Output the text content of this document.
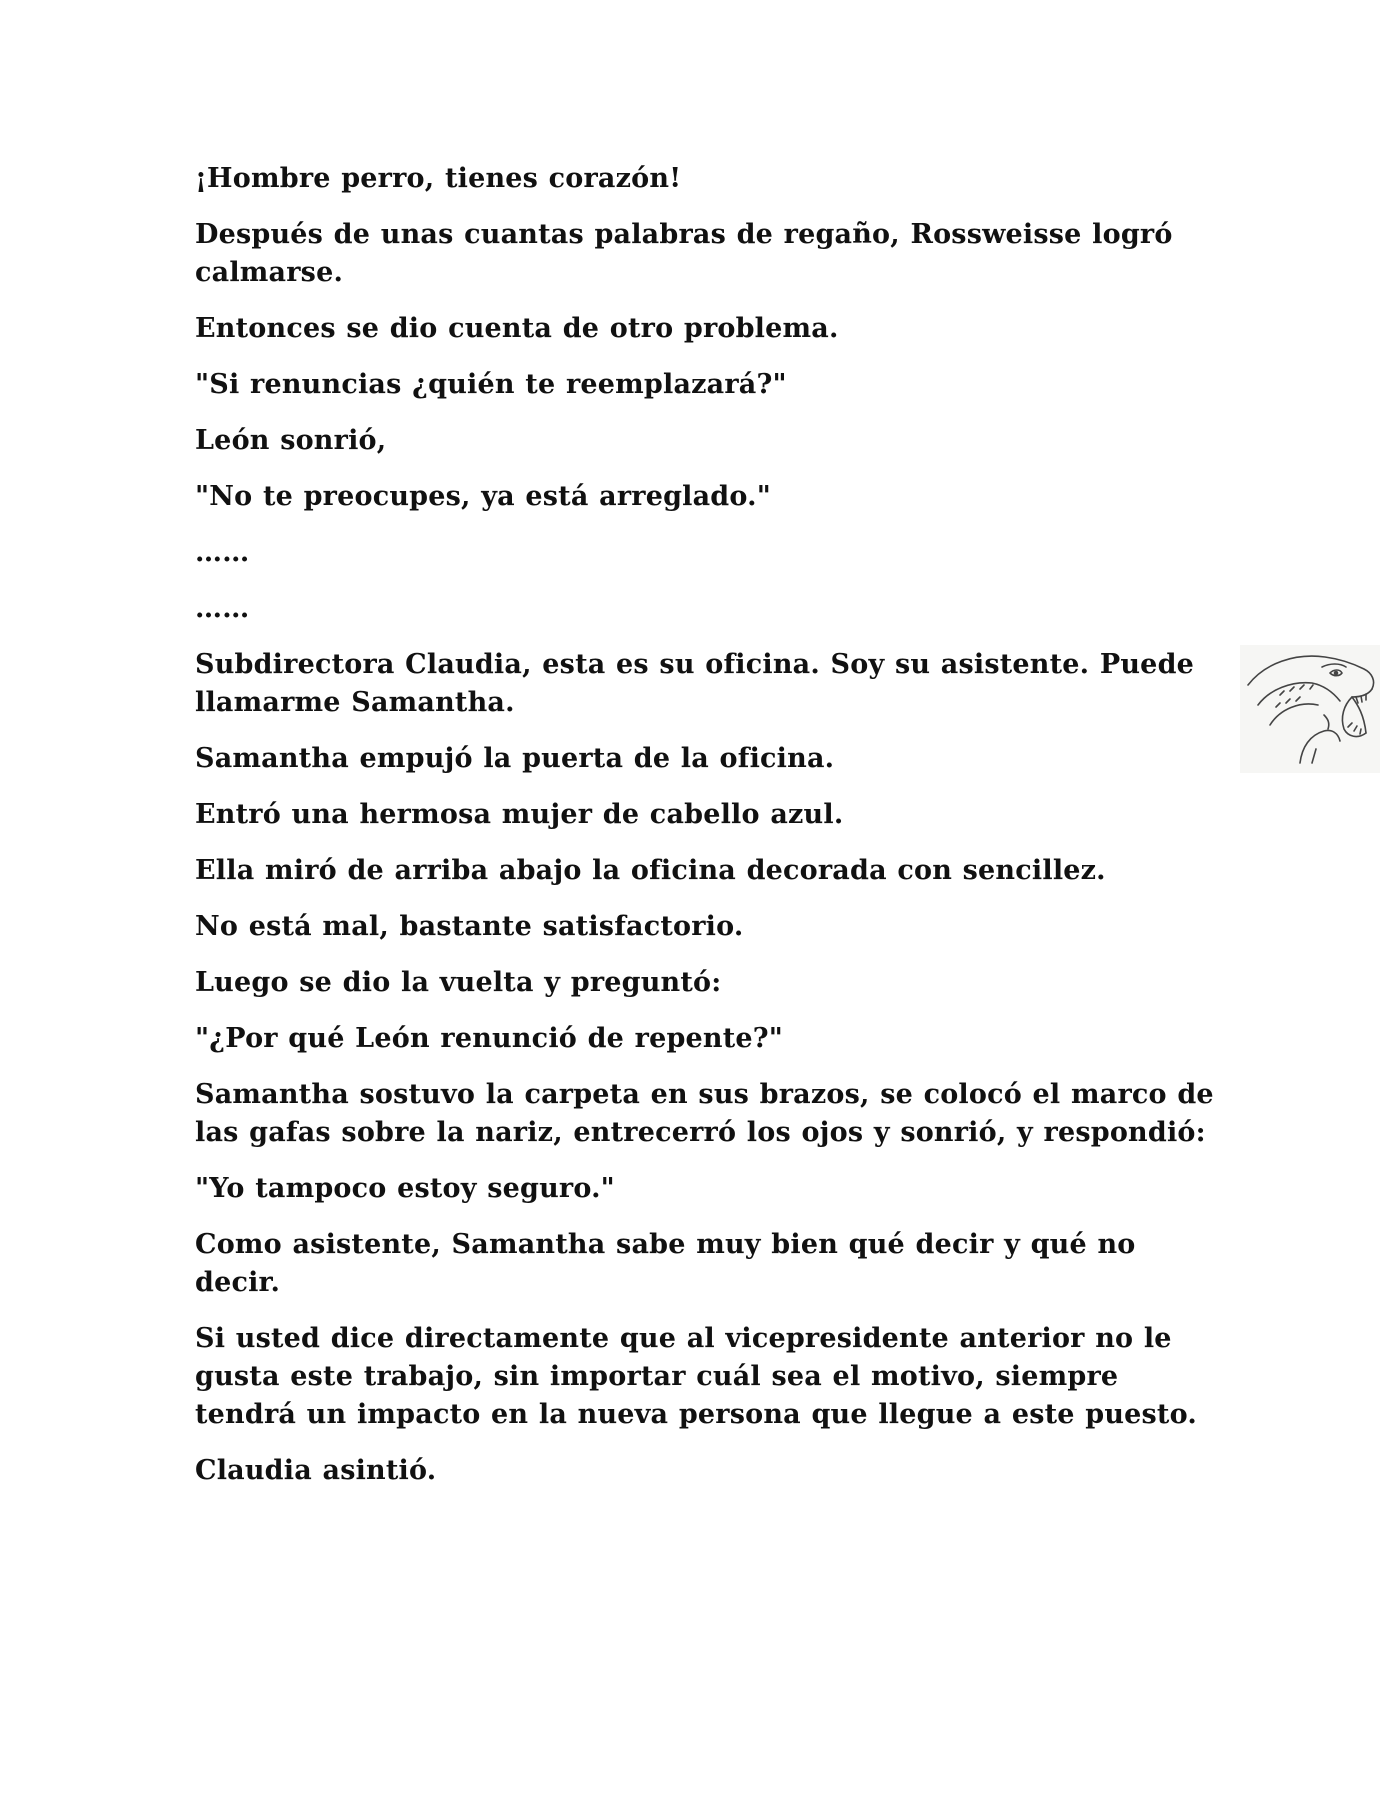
¡Hombre perro, tienes corazón!

Después de unas cuantas palabras de regaño, Rossweisse logró calmarse.

Entonces se dio cuenta de otro problema.

"Si renuncias ¿quién te reemplazará?"

León sonrió,

"No te preocupes, ya está arreglado."

……

……

Subdirectora Claudia, esta es su oficina. Soy su asistente. Puede llamarme Samantha.

Samantha empujó la puerta de la oficina.

Entró una hermosa mujer de cabello azul.

Ella miró de arriba abajo la oficina decorada con sencillez.

No está mal, bastante satisfactorio.

Luego se dio la vuelta y preguntó:

"¿Por qué León renunció de repente?"

Samantha sostuvo la carpeta en sus brazos, se colocó el marco de las gafas sobre la nariz, entrecerró los ojos y sonrió, y respondió:

"Yo tampoco estoy seguro."

Como asistente, Samantha sabe muy bien qué decir y qué no decir.

Si usted dice directamente que al vicepresidente anterior no le gusta este trabajo, sin importar cuál sea el motivo, siempre tendrá un impacto en la nueva persona que llegue a este puesto.

Claudia asintió.
